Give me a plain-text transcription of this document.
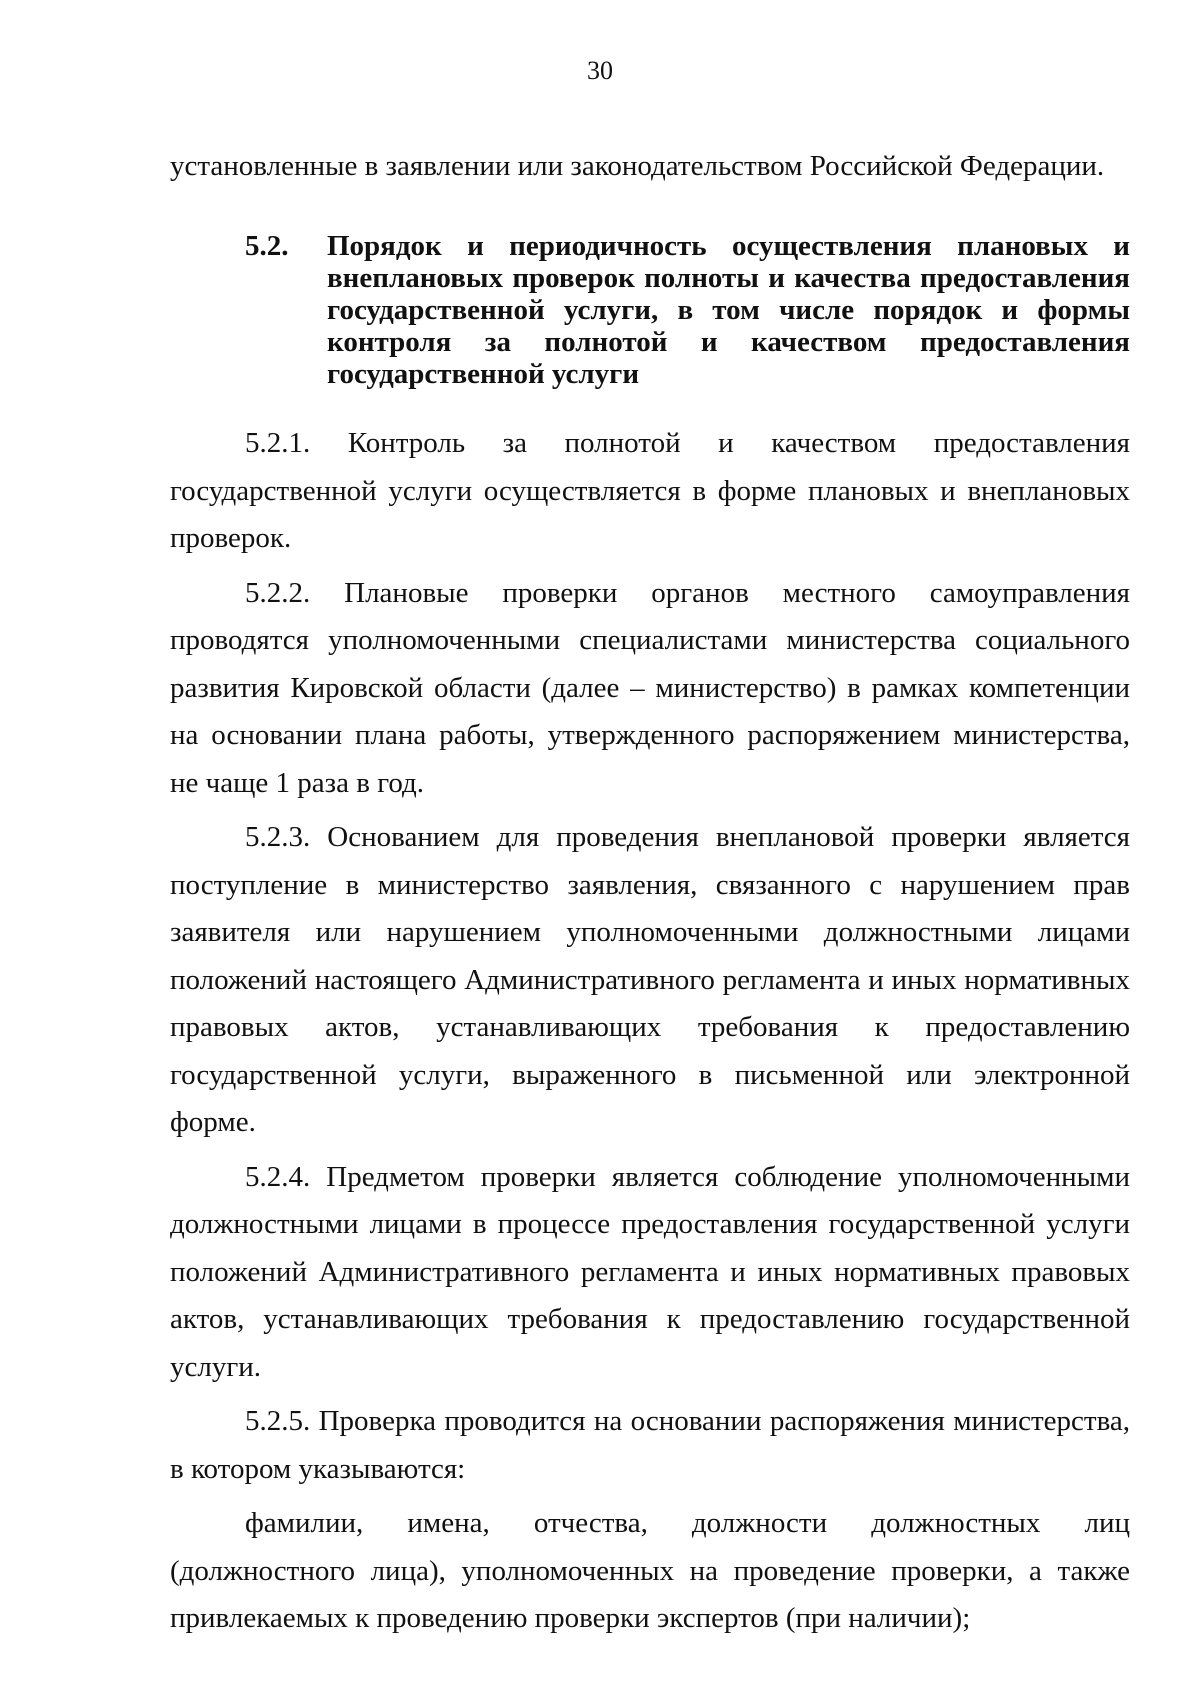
30
установленные в заявлении или законодательством Российской Федерации.
5.2. Порядок и периодичность осуществления плановых и внеплановых проверок полноты и качества предоставления государственной услуги, в том числе порядок и формы контроля за полнотой и качеством предоставления государственной услуги

5.2.1. Контроль за полнотой и качеством предоставления государственной услуги осуществляется в форме плановых и внеплановых проверок.

5.2.2. Плановые проверки органов местного самоуправления проводятся уполномоченными специалистами министерства социального развития Кировской области (далее – министерство) в рамках компетенции на основании плана работы, утвержденного распоряжением министерства, не чаще 1 раза в год.

5.2.3. Основанием для проведения внеплановой проверки является поступление в министерство заявления, связанного с нарушением прав заявителя или нарушением уполномоченными должностными лицами положений настоящего Административного регламента и иных нормативных правовых актов, устанавливающих требования к предоставлению государственной услуги, выраженного в письменной или электронной форме.

5.2.4. Предметом проверки является соблюдение уполномоченными должностными лицами в процессе предоставления государственной услуги положений Административного регламента и иных нормативных правовых актов, устанавливающих требования к предоставлению государственной услуги.

5.2.5. Проверка проводится на основании распоряжения министерства, в котором указываются:

фамилии, имена, отчества, должности должностных лиц (должностного лица), уполномоченных на проведение проверки, а также привлекаемых к проведению проверки экспертов (при наличии);
